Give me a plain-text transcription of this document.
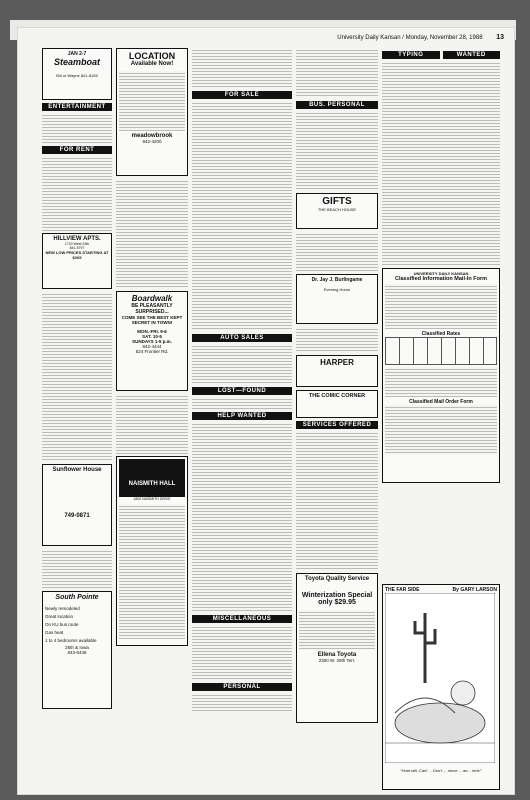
University Daily Kansan / Monday, November 28, 1988 13
JAN 2-7
Steamboat
Bill or Wayne 841-8155
ENTERTAINMENT
FOR RENT
HILLVIEW APTS.
1733 West 24th
841-5797
NEW LOW PRICES STARTING AT $265
Sunflower House
749-0871
South Pointe
Newly remodeled
Great location
On KU bus route
Gas heat
1 to 4 bedrooms available
26th & Iowa
843-6446
LOCATION
Available Now!
meadowbrook
842-4200
Boardwalk
BE PLEASANTLY SURPRISED...
COME SEE THE BEST KEPT SECRET IN TOWN!
MON.-FRI. 9-6
SAT. 10-5
SUNDAYS 1-5 p.m.
842-4444
524 Frontier Rd.
NAISMITH HALL
1800 NAISMITH DRIVE
FOR SALE
AUTO SALES
LOST—FOUND
HELP WANTED
MISCELLANEOUS
PERSONAL
BUS. PERSONAL
GIFTS
THE BEACH HOUSE
Dr. Jay J. Burlingame
Evening Hours
HARPER
THE COMIC CORNER
SERVICES OFFERED
Toyota Quality Service
Winterization Special only $29.95
Ellena Toyota
2300 W. 29th Terr.
TYPING	WANTED
UNIVERSITY DAILY KANSAN
Classified Information Mail-In Form
Classified Rates
Classified Mail Order Form
THE FAR SIDE	By GARY LARSON
"Hold still, Carl! ... Don't ... move ... an... inch!"
